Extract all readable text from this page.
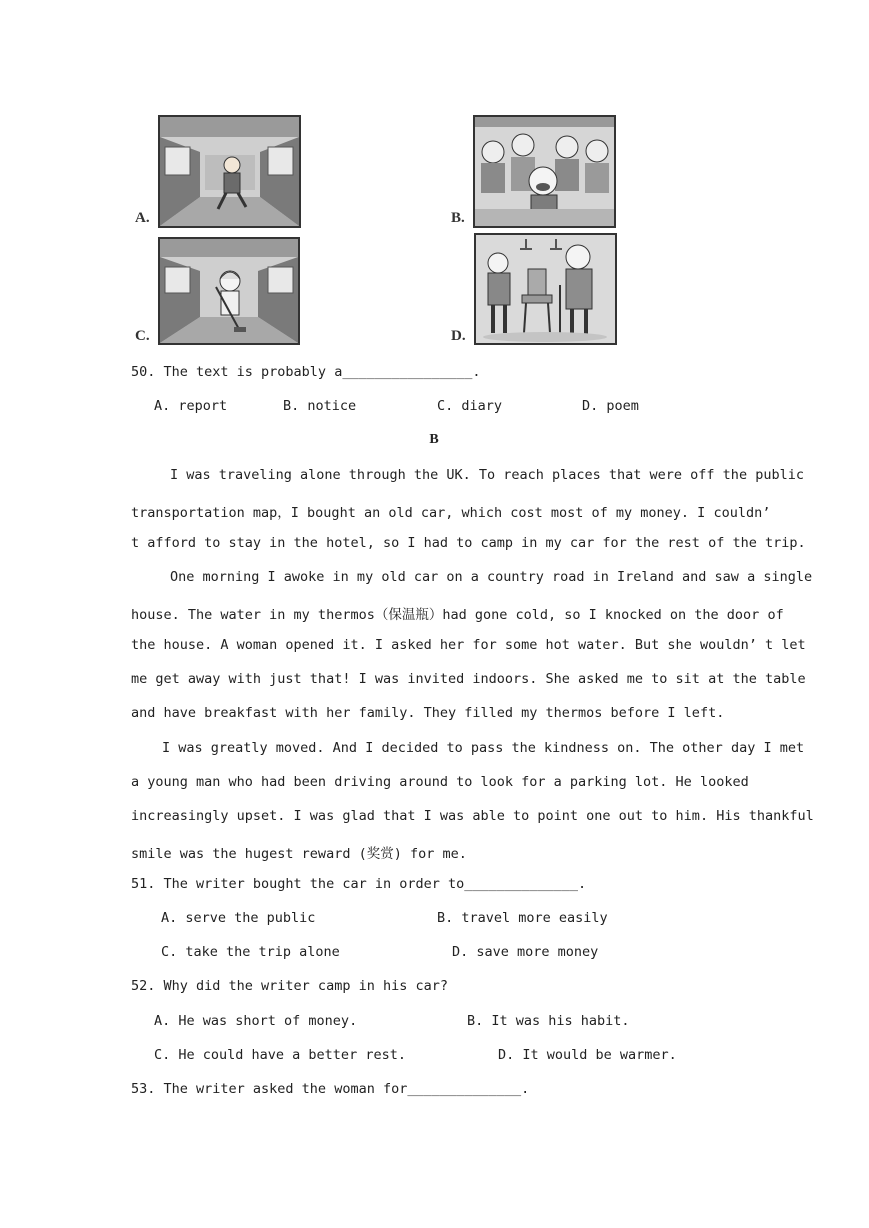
A.	B.
C.	D.
50. The text is probably a________________.
A. report	B. notice	C. diary	D. poem
B
I was traveling alone through the UK. To reach places that were off the public
transportation map，I bought an old car, which cost most of my money. I couldn’
t afford to stay in the hotel, so I had to camp in my car for the rest of the trip.
One morning I awoke in my old car on a country road in Ireland and saw a single
house. The water in my thermos（保温瓶）had gone cold, so I knocked on the door of
the house. A woman opened it. I asked her for some hot water. But she wouldn’ t let
me get away with just that! I was invited indoors. She asked me to sit at the table
and have breakfast with her family. They filled my thermos before I left.
I was greatly moved. And I decided to pass the kindness on. The other day I met
a young man who had been driving around to look for a parking lot. He looked
increasingly upset. I was glad that I was able to point one out to him. His thankful
smile was the hugest reward (奖赏) for me.
51. The writer bought the car in order to______________.
A. serve the public	B. travel more easily
C. take the trip alone	D. save more money
52. Why did the writer camp in his car?
A. He was short of money.	B. It was his habit.
C. He could have a better rest.	D. It would be warmer.
53. The writer asked the woman for______________.
